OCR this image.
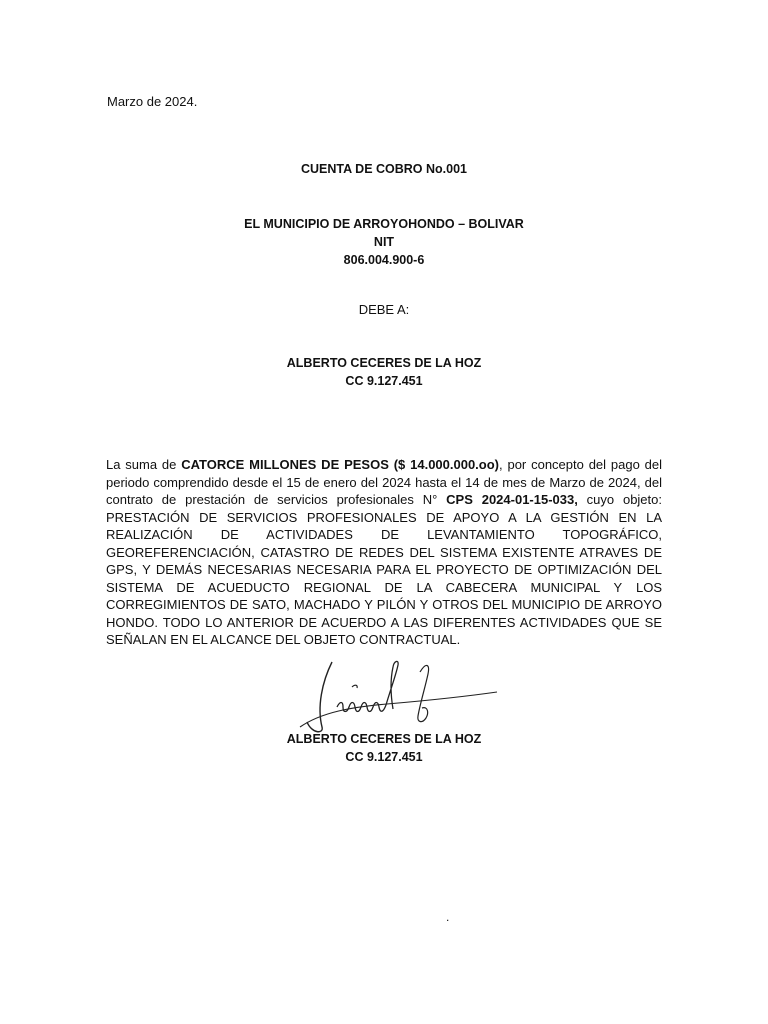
Marzo de 2024.
CUENTA DE COBRO No.001
EL MUNICIPIO DE ARROYOHONDO – BOLIVAR
NIT
806.004.900-6
DEBE A:
ALBERTO CECERES DE LA HOZ
CC 9.127.451
La suma de CATORCE MILLONES DE PESOS ($ 14.000.000.oo), por concepto del pago del periodo comprendido desde el 15 de enero del 2024 hasta el 14 de mes de Marzo de 2024, del contrato de prestación de servicios profesionales N° CPS 2024-01-15-033, cuyo objeto: PRESTACIÓN DE SERVICIOS PROFESIONALES DE APOYO A LA GESTIÓN EN LA REALIZACIÓN DE ACTIVIDADES DE LEVANTAMIENTO TOPOGRÁFICO, GEOREFERENCIACIÓN, CATASTRO DE REDES DEL SISTEMA EXISTENTE ATRAVES DE GPS, Y DEMÁS NECESARIAS NECESARIA PARA EL PROYECTO DE OPTIMIZACIÓN DEL SISTEMA DE ACUEDUCTO REGIONAL DE LA CABECERA MUNICIPAL Y LOS CORREGIMIENTOS DE SATO, MACHADO Y PILÓN Y OTROS DEL MUNICIPIO DE ARROYO HONDO. TODO LO ANTERIOR DE ACUERDO A LAS DIFERENTES ACTIVIDADES QUE SE SEÑALAN EN EL ALCANCE DEL OBJETO CONTRACTUAL.
ALBERTO CECERES DE LA HOZ
CC 9.127.451
.
